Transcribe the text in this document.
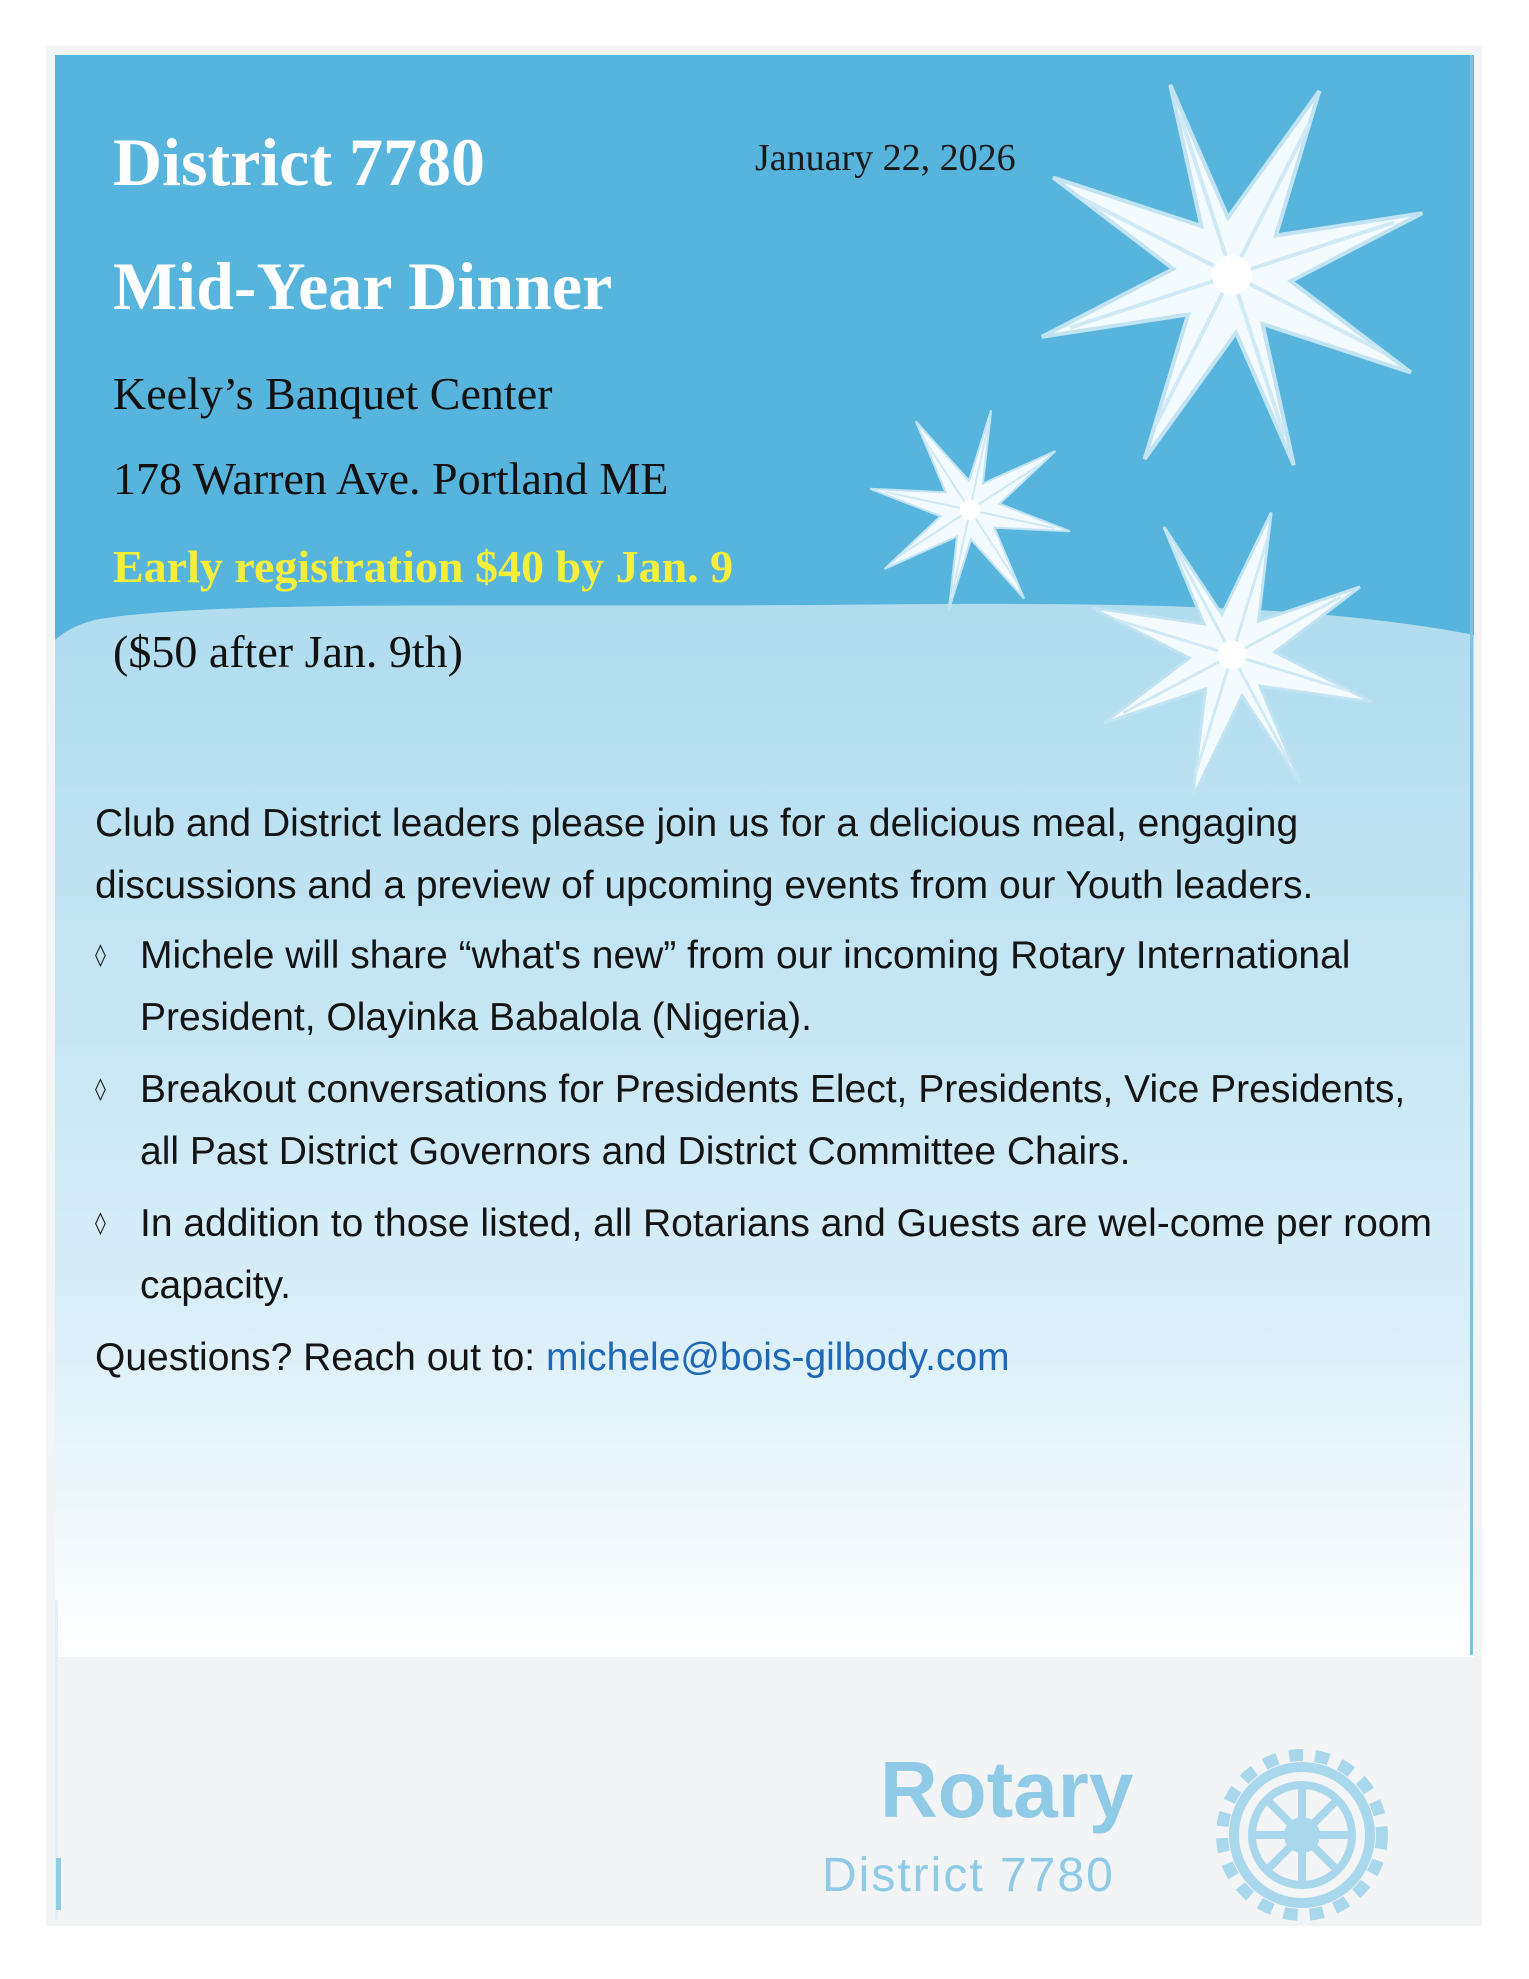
District 7780
Mid-Year Dinner
January 22, 2026
Keely’s Banquet Center
178 Warren Ave. Portland ME
Early registration $40 by Jan. 9
($50 after Jan. 9th)

Club and District leaders please join us for a delicious meal, engaging discussions and a preview of upcoming events from our Youth leaders.

◊ Michele will share “what's new” from our incoming Rotary International President, Olayinka Babalola (Nigeria).
◊ Breakout conversations for Presidents Elect, Presidents, Vice Presidents, all Past District Governors and District Committee Chairs.
◊ In addition to those listed, all Rotarians and Guests are wel-come per room capacity.

Questions? Reach out to: michele@bois-gilbody.com

Rotary
District 7780
